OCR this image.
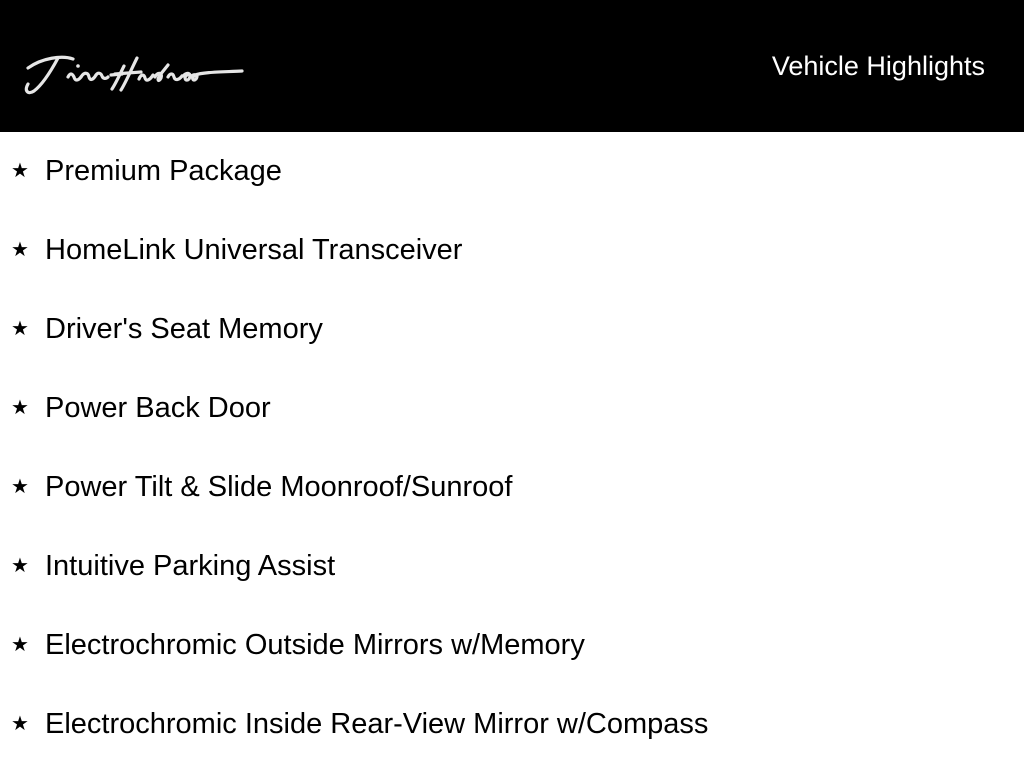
Vehicle Highlights
★ Premium Package
★ HomeLink Universal Transceiver
★ Driver's Seat Memory
★ Power Back Door
★ Power Tilt & Slide Moonroof/Sunroof
★ Intuitive Parking Assist
★ Electrochromic Outside Mirrors w/Memory
★ Electrochromic Inside Rear-View Mirror w/Compass
